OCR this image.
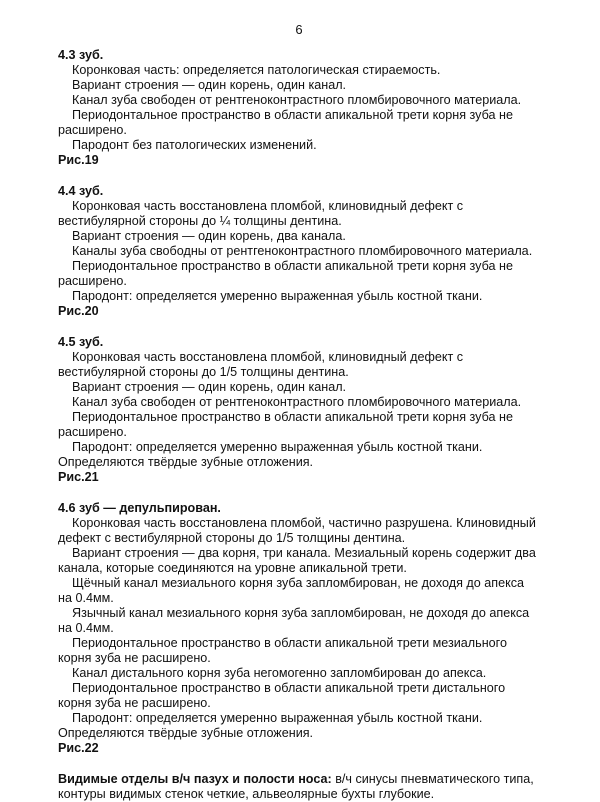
6

4.3 зуб.

Коронковая часть: определяется патологическая стираемость.

Вариант строения — один корень, один канал.

Канал зуба свободен от рентгеноконтрастного пломбировочного материала.

Периодонтальное пространство в области апикальной трети корня зуба не расширено.

Пародонт без патологических изменений.

Рис.19

4.4 зуб.

Коронковая часть восстановлена пломбой, клиновидный дефект с вестибулярной стороны до ¼ толщины дентина.

Вариант строения — один корень, два канала.

Каналы зуба свободны от рентгеноконтрастного пломбировочного материала.

Периодонтальное пространство в области апикальной трети корня зуба не расширено.

Пародонт: определяется умеренно выраженная убыль костной ткани.

Рис.20

4.5 зуб.

Коронковая часть восстановлена пломбой, клиновидный дефект с вестибулярной стороны до 1/5 толщины дентина.

Вариант строения — один корень, один канал.

Канал зуба свободен от рентгеноконтрастного пломбировочного материала.

Периодонтальное пространство в области апикальной трети корня зуба не расширено.

Пародонт: определяется умеренно выраженная убыль костной ткани.

Определяются твёрдые зубные отложения.

Рис.21

4.6 зуб — депульпирован.

Коронковая часть восстановлена пломбой, частично разрушена. Клиновидный дефект с вестибулярной стороны до 1/5 толщины дентина.

Вариант строения — два корня, три канала. Мезиальный корень содержит два канала, которые соединяются на уровне апикальной трети.

Щёчный канал мезиального корня зуба запломбирован, не доходя до апекса на 0.4мм.

Язычный канал мезиального корня зуба запломбирован, не доходя до апекса на 0.4мм.

Периодонтальное пространство в области апикальной трети мезиального корня зуба не расширено.

Канал дистального корня зуба негомогенно запломбирован до апекса.

Периодонтальное пространство в области апикальной трети дистального корня зуба не расширено.

Пародонт: определяется умеренно выраженная убыль костной ткани.

Определяются твёрдые зубные отложения.

Рис.22

Видимые отделы в/ч пазух и полости носа: в/ч синусы пневматического типа, контуры видимых стенок четкие, альвеолярные бухты глубокие.
